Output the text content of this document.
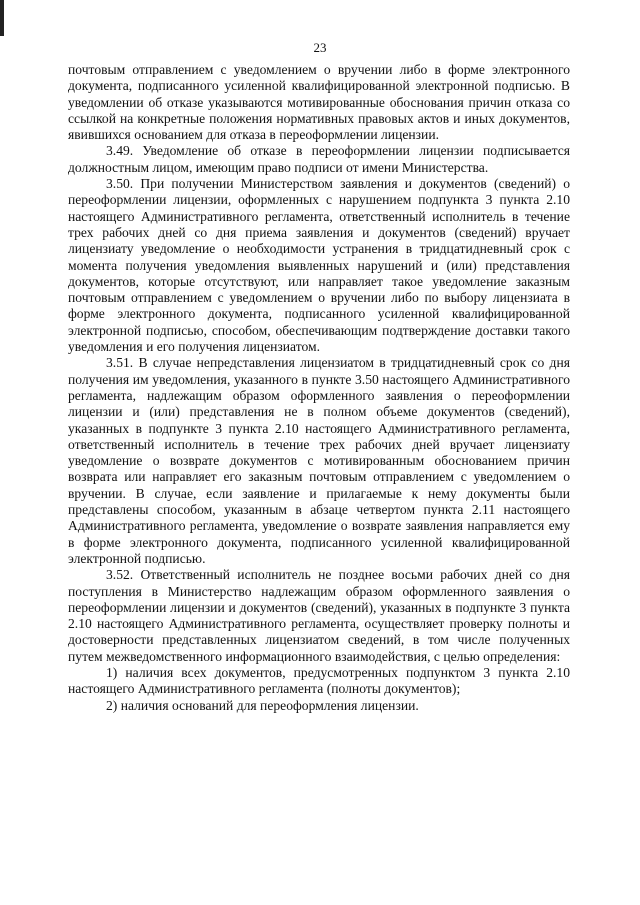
23

почтовым отправлением с уведомлением о вручении либо в форме электронного документа, подписанного усиленной квалифицированной электронной подписью. В уведомлении об отказе указываются мотивированные обоснования причин отказа со ссылкой на конкретные положения нормативных правовых актов и иных документов, явившихся основанием для отказа в переоформлении лицензии.

3.49. Уведомление об отказе в переоформлении лицензии подписывается должностным лицом, имеющим право подписи от имени Министерства.

3.50. При получении Министерством заявления и документов (сведений) о переоформлении лицензии, оформленных с нарушением подпункта 3 пункта 2.10 настоящего Административного регламента, ответственный исполнитель в течение трех рабочих дней со дня приема заявления и документов (сведений) вручает лицензиату уведомление о необходимости устранения в тридцатидневный срок с момента получения уведомления выявленных нарушений и (или) представления документов, которые отсутствуют, или направляет такое уведомление заказным почтовым отправлением с уведомлением о вручении либо по выбору лицензиата в форме электронного документа, подписанного усиленной квалифицированной электронной подписью, способом, обеспечивающим подтверждение доставки такого уведомления и его получения лицензиатом.

3.51. В случае непредставления лицензиатом в тридцатидневный срок со дня получения им уведомления, указанного в пункте 3.50 настоящего Административного регламента, надлежащим образом оформленного заявления о переоформлении лицензии и (или) представления не в полном объеме документов (сведений), указанных в подпункте 3 пункта 2.10 настоящего Административного регламента, ответственный исполнитель в течение трех рабочих дней вручает лицензиату уведомление о возврате документов с мотивированным обоснованием причин возврата или направляет его заказным почтовым отправлением с уведомлением о вручении. В случае, если заявление и прилагаемые к нему документы были представлены способом, указанным в абзаце четвертом пункта 2.11 настоящего Административного регламента, уведомление о возврате заявления направляется ему в форме электронного документа, подписанного усиленной квалифицированной электронной подписью.

3.52. Ответственный исполнитель не позднее восьми рабочих дней со дня поступления в Министерство надлежащим образом оформленного заявления о переоформлении лицензии и документов (сведений), указанных в подпункте 3 пункта 2.10 настоящего Административного регламента, осуществляет проверку полноты и достоверности представленных лицензиатом сведений, в том числе полученных путем межведомственного информационного взаимодействия, с целью определения:

1) наличия всех документов, предусмотренных подпунктом 3 пункта 2.10 настоящего Административного регламента (полноты документов);

2) наличия оснований для переоформления лицензии.
